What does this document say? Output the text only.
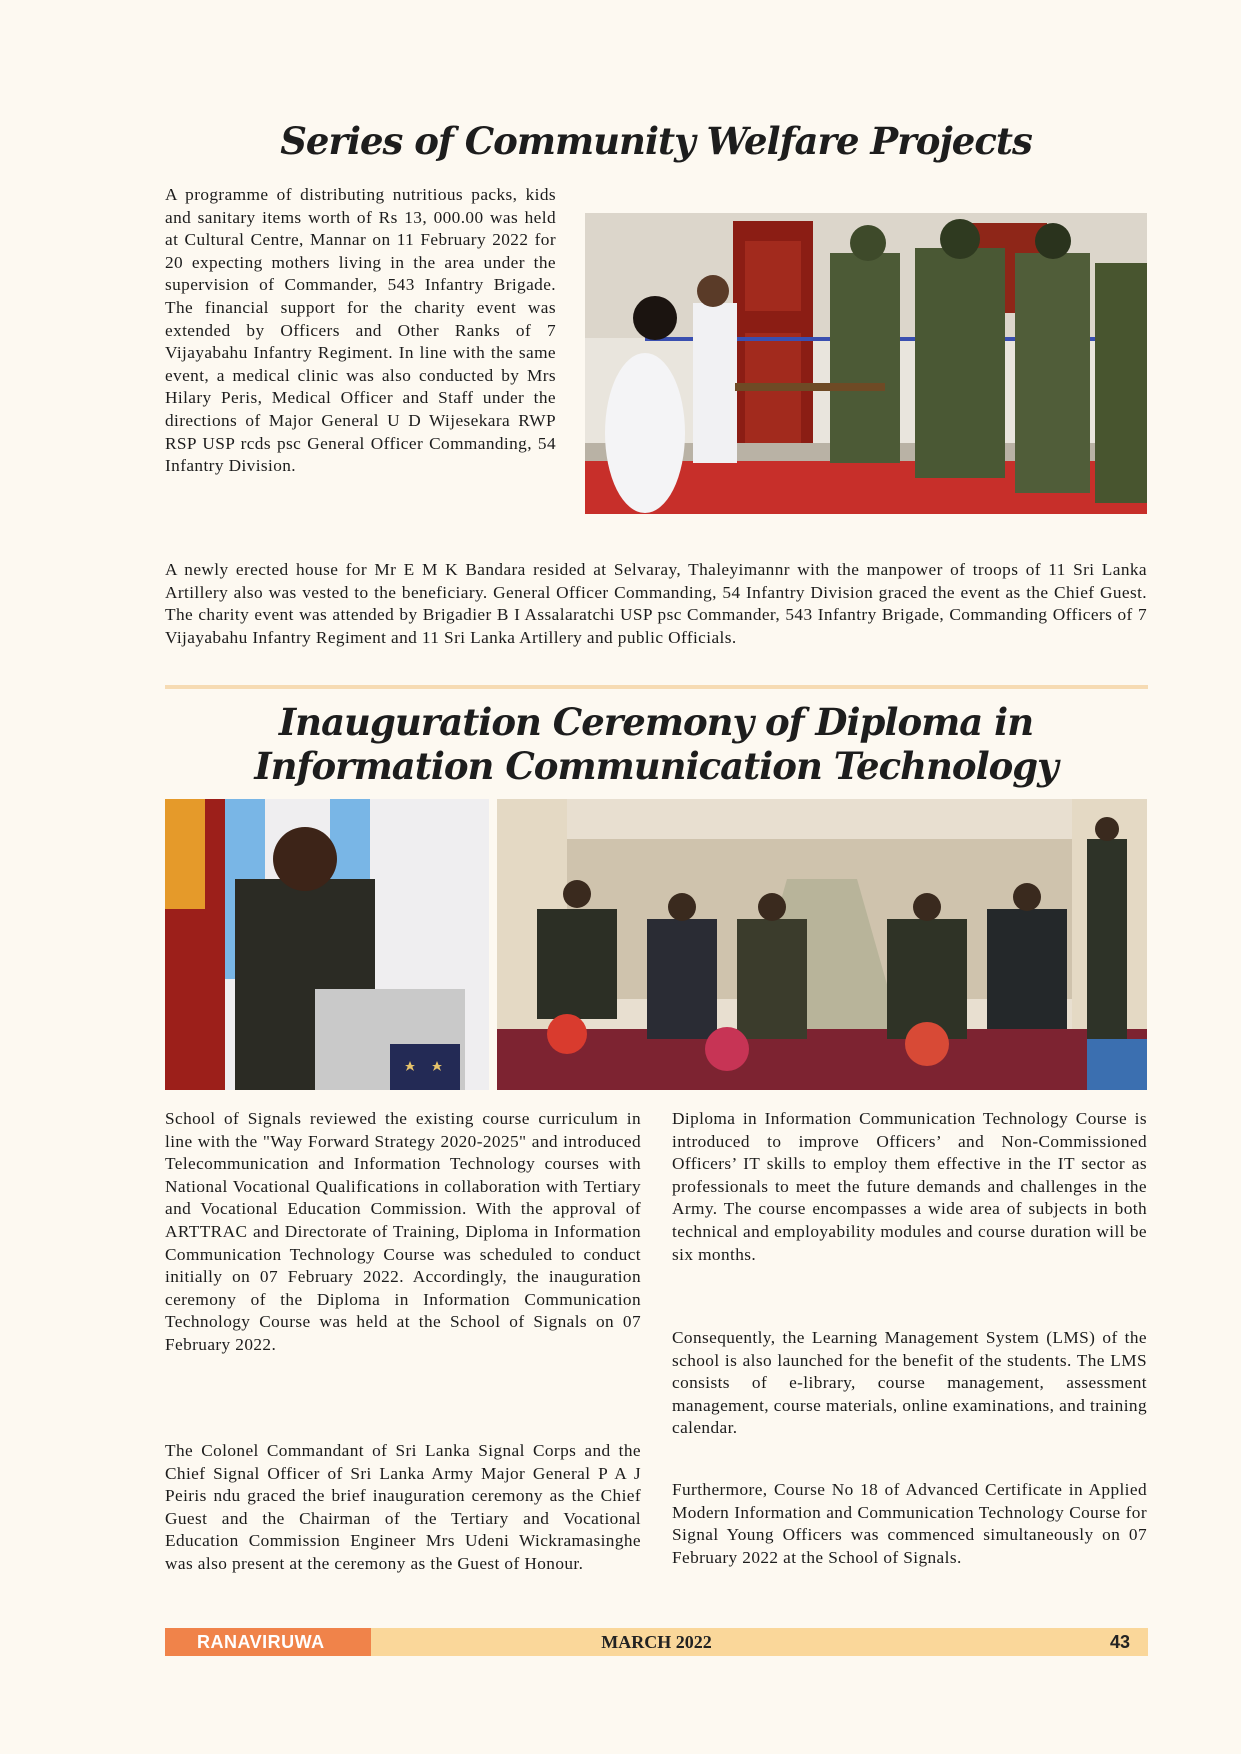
Series of Community Welfare Projects

A programme of distributing nutritious packs, kids and sanitary items worth of Rs 13, 000.00 was held at Cultural Centre, Mannar on 11 February 2022 for 20 expecting mothers living in the area under the supervision of Commander, 543 Infantry Brigade. The financial support for the charity event was extended by Officers and Other Ranks of 7 Vijayabahu Infantry Regiment. In line with the same event, a medical clinic was also conducted by Mrs Hilary Peris, Medical Officer and Staff under the directions of Major General U D Wijesekara RWP RSP USP rcds psc General Officer Commanding, 54 Infantry Division.

A newly erected house for Mr E M K Bandara resided at Selvaray, Thaleyimannr with the manpower of troops of 11 Sri Lanka Artillery also was vested to the beneficiary. General Officer Commanding, 54 Infantry Division graced the event as the Chief Guest. The charity event was attended by Brigadier B I Assalaratchi USP psc Commander, 543 Infantry Brigade, Commanding Officers of 7 Vijayabahu Infantry Regiment and 11 Sri Lanka Artillery and public Officials.

Inauguration Ceremony of Diploma in
Information Communication Technology

School of Signals reviewed the existing course curriculum in line with the "Way Forward Strategy 2020-2025" and introduced Telecommunication and Information Technology courses with National Vocational Qualifications in collaboration with Tertiary and Vocational Education Commission. With the approval of ARTTRAC and Directorate of Training, Diploma in Information Communication Technology Course was scheduled to conduct initially on 07 February 2022. Accordingly, the inauguration ceremony of the Diploma in Information Communication Technology Course was held at the School of Signals on 07 February 2022.

The Colonel Commandant of Sri Lanka Signal Corps and the Chief Signal Officer of Sri Lanka Army Major General P A J Peiris ndu graced the brief inauguration ceremony as the Chief Guest and the Chairman of the Tertiary and Vocational Education Commission Engineer Mrs Udeni Wickramasinghe was also present at the ceremony as the Guest of Honour.

Diploma in Information Communication Technology Course is introduced to improve Officers’ and Non-Commissioned Officers’ IT skills to employ them effective in the IT sector as professionals to meet the future demands and challenges in the Army. The course encompasses a wide area of subjects in both technical and employability modules and course duration will be six months.

Consequently, the Learning Management System (LMS) of the school is also launched for the benefit of the students. The LMS consists of e-library, course management, assessment management, course materials, online examinations, and training calendar.

Furthermore, Course No 18 of Advanced Certificate in Applied Modern Information and Communication Technology Course for Signal Young Officers was commenced simultaneously on 07 February 2022 at the School of Signals.

RANAVIRUWA	MARCH 2022	43
